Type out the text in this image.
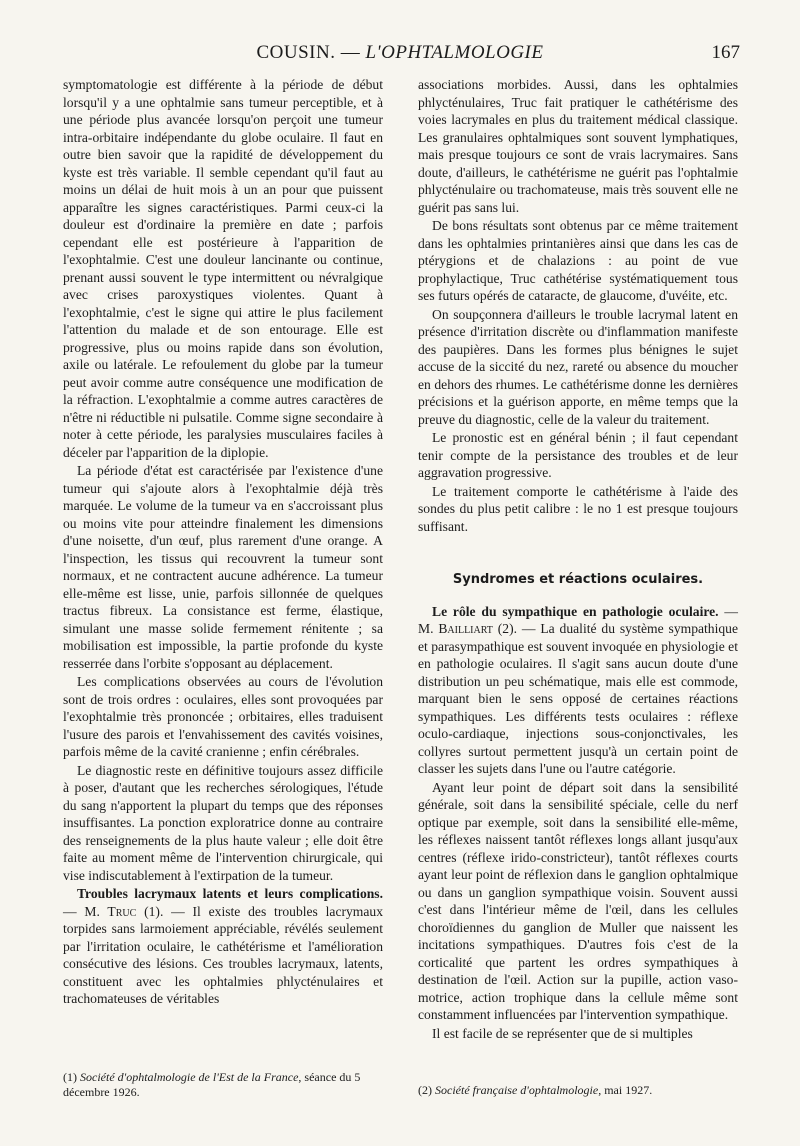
COUSIN. — L'OPHTALMOLOGIE	167

symptomatologie est différente à la période de début lorsqu'il y a une ophtalmie sans tumeur perceptible, et à une période plus avancée lorsqu'on perçoit une tumeur intra-orbitaire indépendante du globe oculaire. Il faut en outre bien savoir que la rapidité de développement du kyste est très variable. Il semble cependant qu'il faut au moins un délai de huit mois à un an pour que puissent apparaître les signes caractéristiques. Parmi ceux-ci la douleur est d'ordinaire la première en date ; parfois cependant elle est postérieure à l'apparition de l'exophtalmie. C'est une douleur lancinante ou continue, prenant aussi souvent le type intermittent ou névralgique avec crises paroxystiques violentes. Quant à l'exophtalmie, c'est le signe qui attire le plus facilement l'attention du malade et de son entourage. Elle est progressive, plus ou moins rapide dans son évolution, axile ou latérale. Le refoulement du globe par la tumeur peut avoir comme autre conséquence une modification de la réfraction. L'exophtalmie a comme autres caractères de n'être ni réductible ni pulsatile. Comme signe secondaire à noter à cette période, les paralysies musculaires faciles à déceler par l'apparition de la diplopie.

La période d'état est caractérisée par l'existence d'une tumeur qui s'ajoute alors à l'exophtalmie déjà très marquée. Le volume de la tumeur va en s'accroissant plus ou moins vite pour atteindre finalement les dimensions d'une noisette, d'un œuf, plus rarement d'une orange. A l'inspection, les tissus qui recouvrent la tumeur sont normaux, et ne contractent aucune adhérence. La tumeur elle-même est lisse, unie, parfois sillonnée de quelques tractus fibreux. La consistance est ferme, élastique, simulant une masse solide fermement rénitente ; sa mobilisation est impossible, la partie profonde du kyste resserrée dans l'orbite s'opposant au déplacement.

Les complications observées au cours de l'évolution sont de trois ordres : oculaires, elles sont provoquées par l'exophtalmie très prononcée ; orbitaires, elles traduisent l'usure des parois et l'envahissement des cavités voisines, parfois même de la cavité cranienne ; enfin cérébrales.

Le diagnostic reste en définitive toujours assez difficile à poser, d'autant que les recherches sérologiques, l'étude du sang n'apportent la plupart du temps que des réponses insuffisantes. La ponction exploratrice donne au contraire des renseignements de la plus haute valeur ; elle doit être faite au moment même de l'intervention chirurgicale, qui vise indiscutablement à l'extirpation de la tumeur.

Troubles lacrymaux latents et leurs complications. — M. Truc (1). — Il existe des troubles lacrymaux torpides sans larmoiement appréciable, révélés seulement par l'irritation oculaire, le cathétérisme et l'amélioration consécutive des lésions. Ces troubles lacrymaux, latents, constituent avec les ophtalmies phlycténulaires et trachomateuses de véritables

associations morbides. Aussi, dans les ophtalmies phlycténulaires, Truc fait pratiquer le cathétérisme des voies lacrymales en plus du traitement médical classique. Les granulaires ophtalmiques sont souvent lymphatiques, mais presque toujours ce sont de vrais lacrymaires. Sans doute, d'ailleurs, le cathétérisme ne guérit pas l'ophtalmie phlycténulaire ou trachomateuse, mais très souvent elle ne guérit pas sans lui.

De bons résultats sont obtenus par ce même traitement dans les ophtalmies printanières ainsi que dans les cas de ptérygions et de chalazions : au point de vue prophylactique, Truc cathétérise systématiquement tous ses futurs opérés de cataracte, de glaucome, d'uvéite, etc.

On soupçonnera d'ailleurs le trouble lacrymal latent en présence d'irritation discrète ou d'inflammation manifeste des paupières. Dans les formes plus bénignes le sujet accuse de la siccité du nez, rareté ou absence du moucher en dehors des rhumes. Le cathétérisme donne les dernières précisions et la guérison apporte, en même temps que la preuve du diagnostic, celle de la valeur du traitement.

Le pronostic est en général bénin ; il faut cependant tenir compte de la persistance des troubles et de leur aggravation progressive.

Le traitement comporte le cathétérisme à l'aide des sondes du plus petit calibre : le no 1 est presque toujours suffisant.

Syndromes et réactions oculaires.

Le rôle du sympathique en pathologie oculaire. — M. Bailliart (2). — La dualité du système sympathique et parasympathique est souvent invoquée en physiologie et en pathologie oculaires. Il s'agit sans aucun doute d'une distribution un peu schématique, mais elle est commode, marquant bien le sens opposé de certaines réactions sympathiques. Les différents tests oculaires : réflexe oculo-cardiaque, injections sous-conjonctivales, les collyres surtout permettent jusqu'à un certain point de classer les sujets dans l'une ou l'autre catégorie.

Ayant leur point de départ soit dans la sensibilité générale, soit dans la sensibilité spéciale, celle du nerf optique par exemple, soit dans la sensibilité elle-même, les réflexes naissent tantôt réflexes longs allant jusqu'aux centres (réflexe irido-constricteur), tantôt réflexes courts ayant leur point de réflexion dans le ganglion ophtalmique ou dans un ganglion sympathique voisin. Souvent aussi c'est dans l'intérieur même de l'œil, dans les cellules choroïdiennes du ganglion de Muller que naissent les incitations sympathiques. D'autres fois c'est de la corticalité que partent les ordres sympathiques à destination de l'œil. Action sur la pupille, action vaso-motrice, action trophique dans la cellule même sont constamment influencées par l'intervention sympathique.

Il est facile de se représenter que de si multiples

(1) Société d'ophtalmologie de l'Est de la France, séance du 5 décembre 1926.	(2) Société française d'ophtalmologie, mai 1927.
